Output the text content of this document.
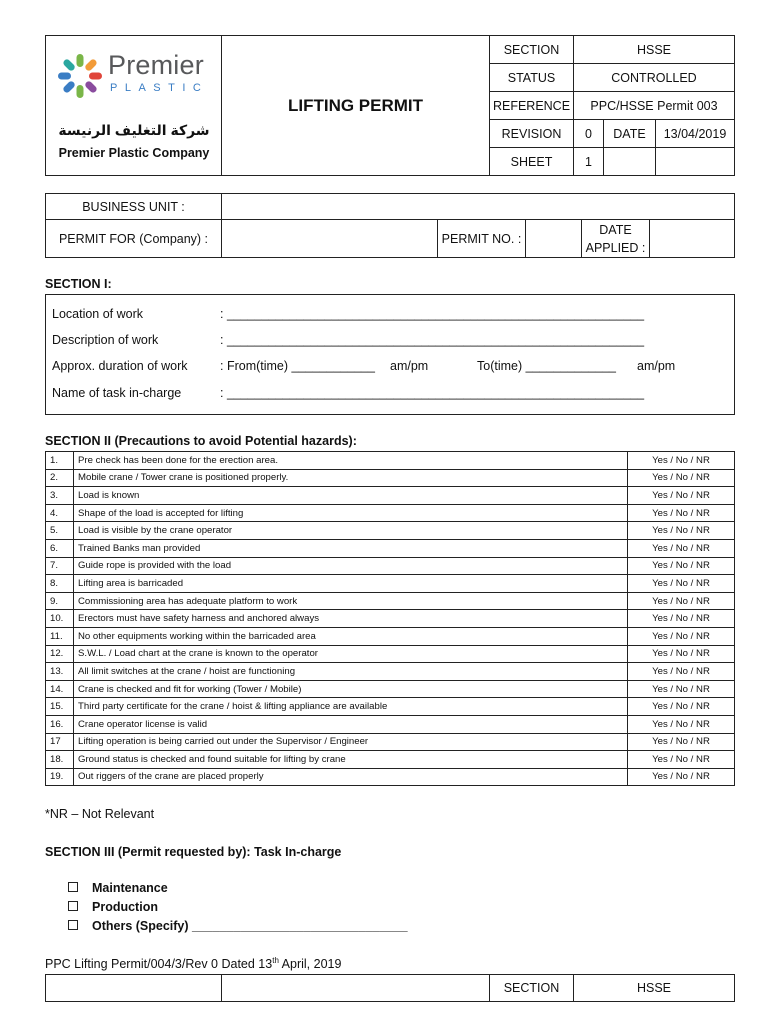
Premier
PLASTIC
شركة التغليف الرنيسة
Premier Plastic Company
LIFTING PERMIT
SECTION	HSSE
STATUS	CONTROLLED
REFERENCE	PPC/HSSE Permit 003
REVISION	0	DATE	13/04/2019
SHEET	1
BUSINESS UNIT :
PERMIT FOR (Company) :	PERMIT NO. :
DATE
APPLIED :
SECTION I:
Location of work	: ____________________________________________________________
Description of work	: ____________________________________________________________
Approx. duration of work	: From(time) ____________ am/pm	To(time) _____________ am/pm
Name of task in-charge	: ____________________________________________________________
SECTION II (Precautions to avoid Potential hazards):
1.	Pre check has been done for the erection area.	Yes / No / NR
2.	Mobile crane / Tower crane is positioned properly.	Yes / No / NR
3.	Load is known	Yes / No / NR
4.	Shape of the load is accepted for lifting	Yes / No / NR
5.	Load is visible by the crane operator	Yes / No / NR
6.	Trained Banks man provided	Yes / No / NR
7.	Guide rope is provided with the load	Yes / No / NR
8.	Lifting area is barricaded	Yes / No / NR
9.	Commissioning area has adequate platform to work	Yes / No / NR
10.	Erectors must have safety harness and anchored always	Yes / No / NR
11.	No other equipments working within the barricaded area	Yes / No / NR
12.	S.W.L. / Load chart at the crane is known to the operator	Yes / No / NR
13.	All limit switches at the crane / hoist are functioning	Yes / No / NR
14.	Crane is checked and fit for working (Tower / Mobile)	Yes / No / NR
15.	Third party certificate for the crane / hoist & lifting appliance are available	Yes / No / NR
16.	Crane operator license is valid	Yes / No / NR
17	Lifting operation is being carried out under the Supervisor / Engineer	Yes / No / NR
18.	Ground status is checked and found suitable for lifting by crane	Yes / No / NR
19.	Out riggers of the crane are placed properly	Yes / No / NR
*NR – Not Relevant
SECTION III (Permit requested by): Task In-charge
Maintenance
Production
Others (Specify) _______________________________
PPC Lifting Permit/004/3/Rev 0 Dated 13th April, 2019
SECTION	HSSE
